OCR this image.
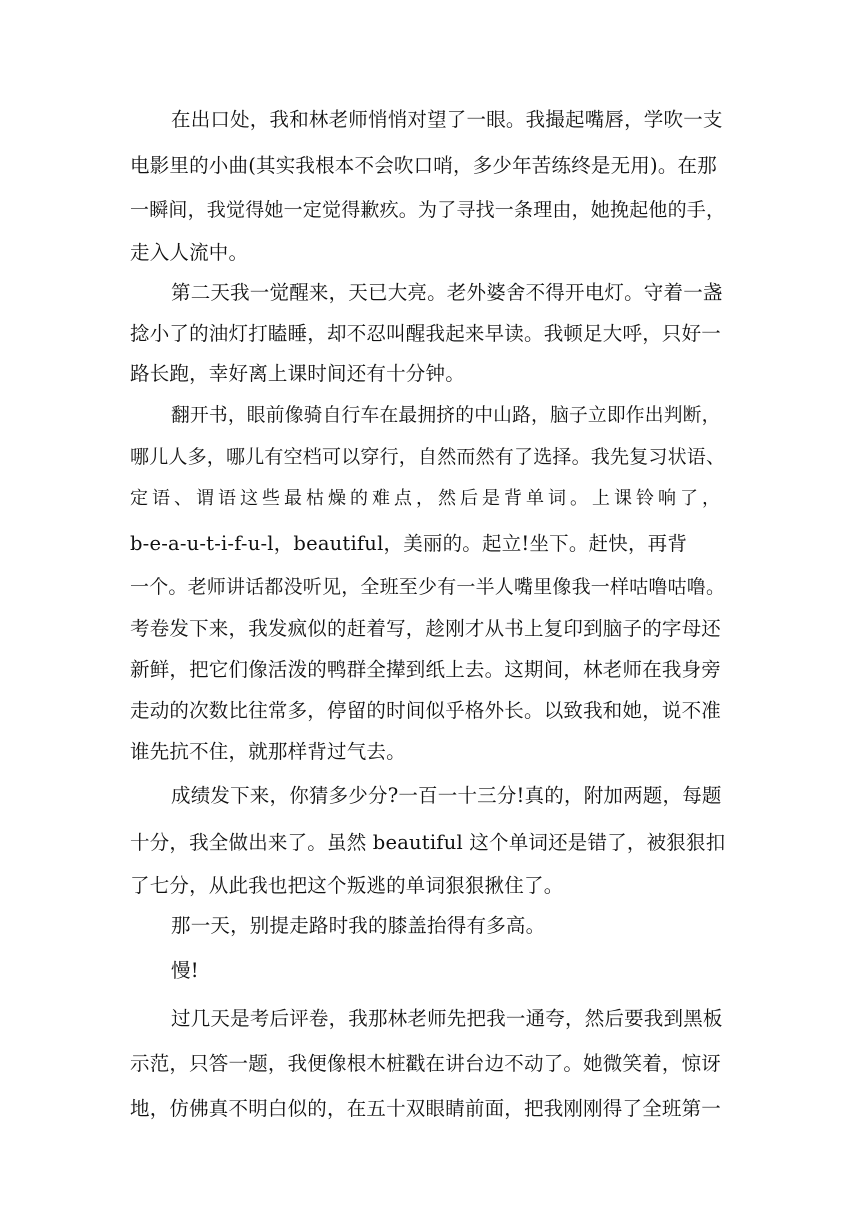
在出口处，我和林老师悄悄对望了一眼。我撮起嘴唇，学吹一支
电影里的小曲(其实我根本不会吹口哨，多少年苦练终是无用)。在那
一瞬间，我觉得她一定觉得歉疚。为了寻找一条理由，她挽起他的手，
走入人流中。
第二天我一觉醒来，天已大亮。老外婆舍不得开电灯。守着一盏
捻小了的油灯打瞌睡，却不忍叫醒我起来早读。我顿足大呼，只好一
路长跑，幸好离上课时间还有十分钟。
翻开书，眼前像骑自行车在最拥挤的中山路，脑子立即作出判断，
哪儿人多，哪儿有空档可以穿行，自然而然有了选择。我先复习状语、
定语、谓语这些最枯燥的难点，然后是背单词。上课铃响了，
b-e-a-u-t-i-f-u-l，beautiful，美丽的。起立!坐下。赶快，再背
一个。老师讲话都没听见，全班至少有一半人嘴里像我一样咕噜咕噜。
考卷发下来，我发疯似的赶着写，趁刚才从书上复印到脑子的字母还
新鲜，把它们像活泼的鸭群全撵到纸上去。这期间，林老师在我身旁
走动的次数比往常多，停留的时间似乎格外长。以致我和她，说不准
谁先抗不住，就那样背过气去。
成绩发下来，你猜多少分?一百一十三分!真的，附加两题，每题
十分，我全做出来了。虽然 beautiful 这个单词还是错了，被狠狠扣
了七分，从此我也把这个叛逃的单词狠狠揪住了。
那一天，别提走路时我的膝盖抬得有多高。
慢!
过几天是考后评卷，我那林老师先把我一通夸，然后要我到黑板
示范，只答一题，我便像根木桩戳在讲台边不动了。她微笑着，惊讶
地，仿佛真不明白似的，在五十双眼睛前面，把我刚刚得了全班第一
